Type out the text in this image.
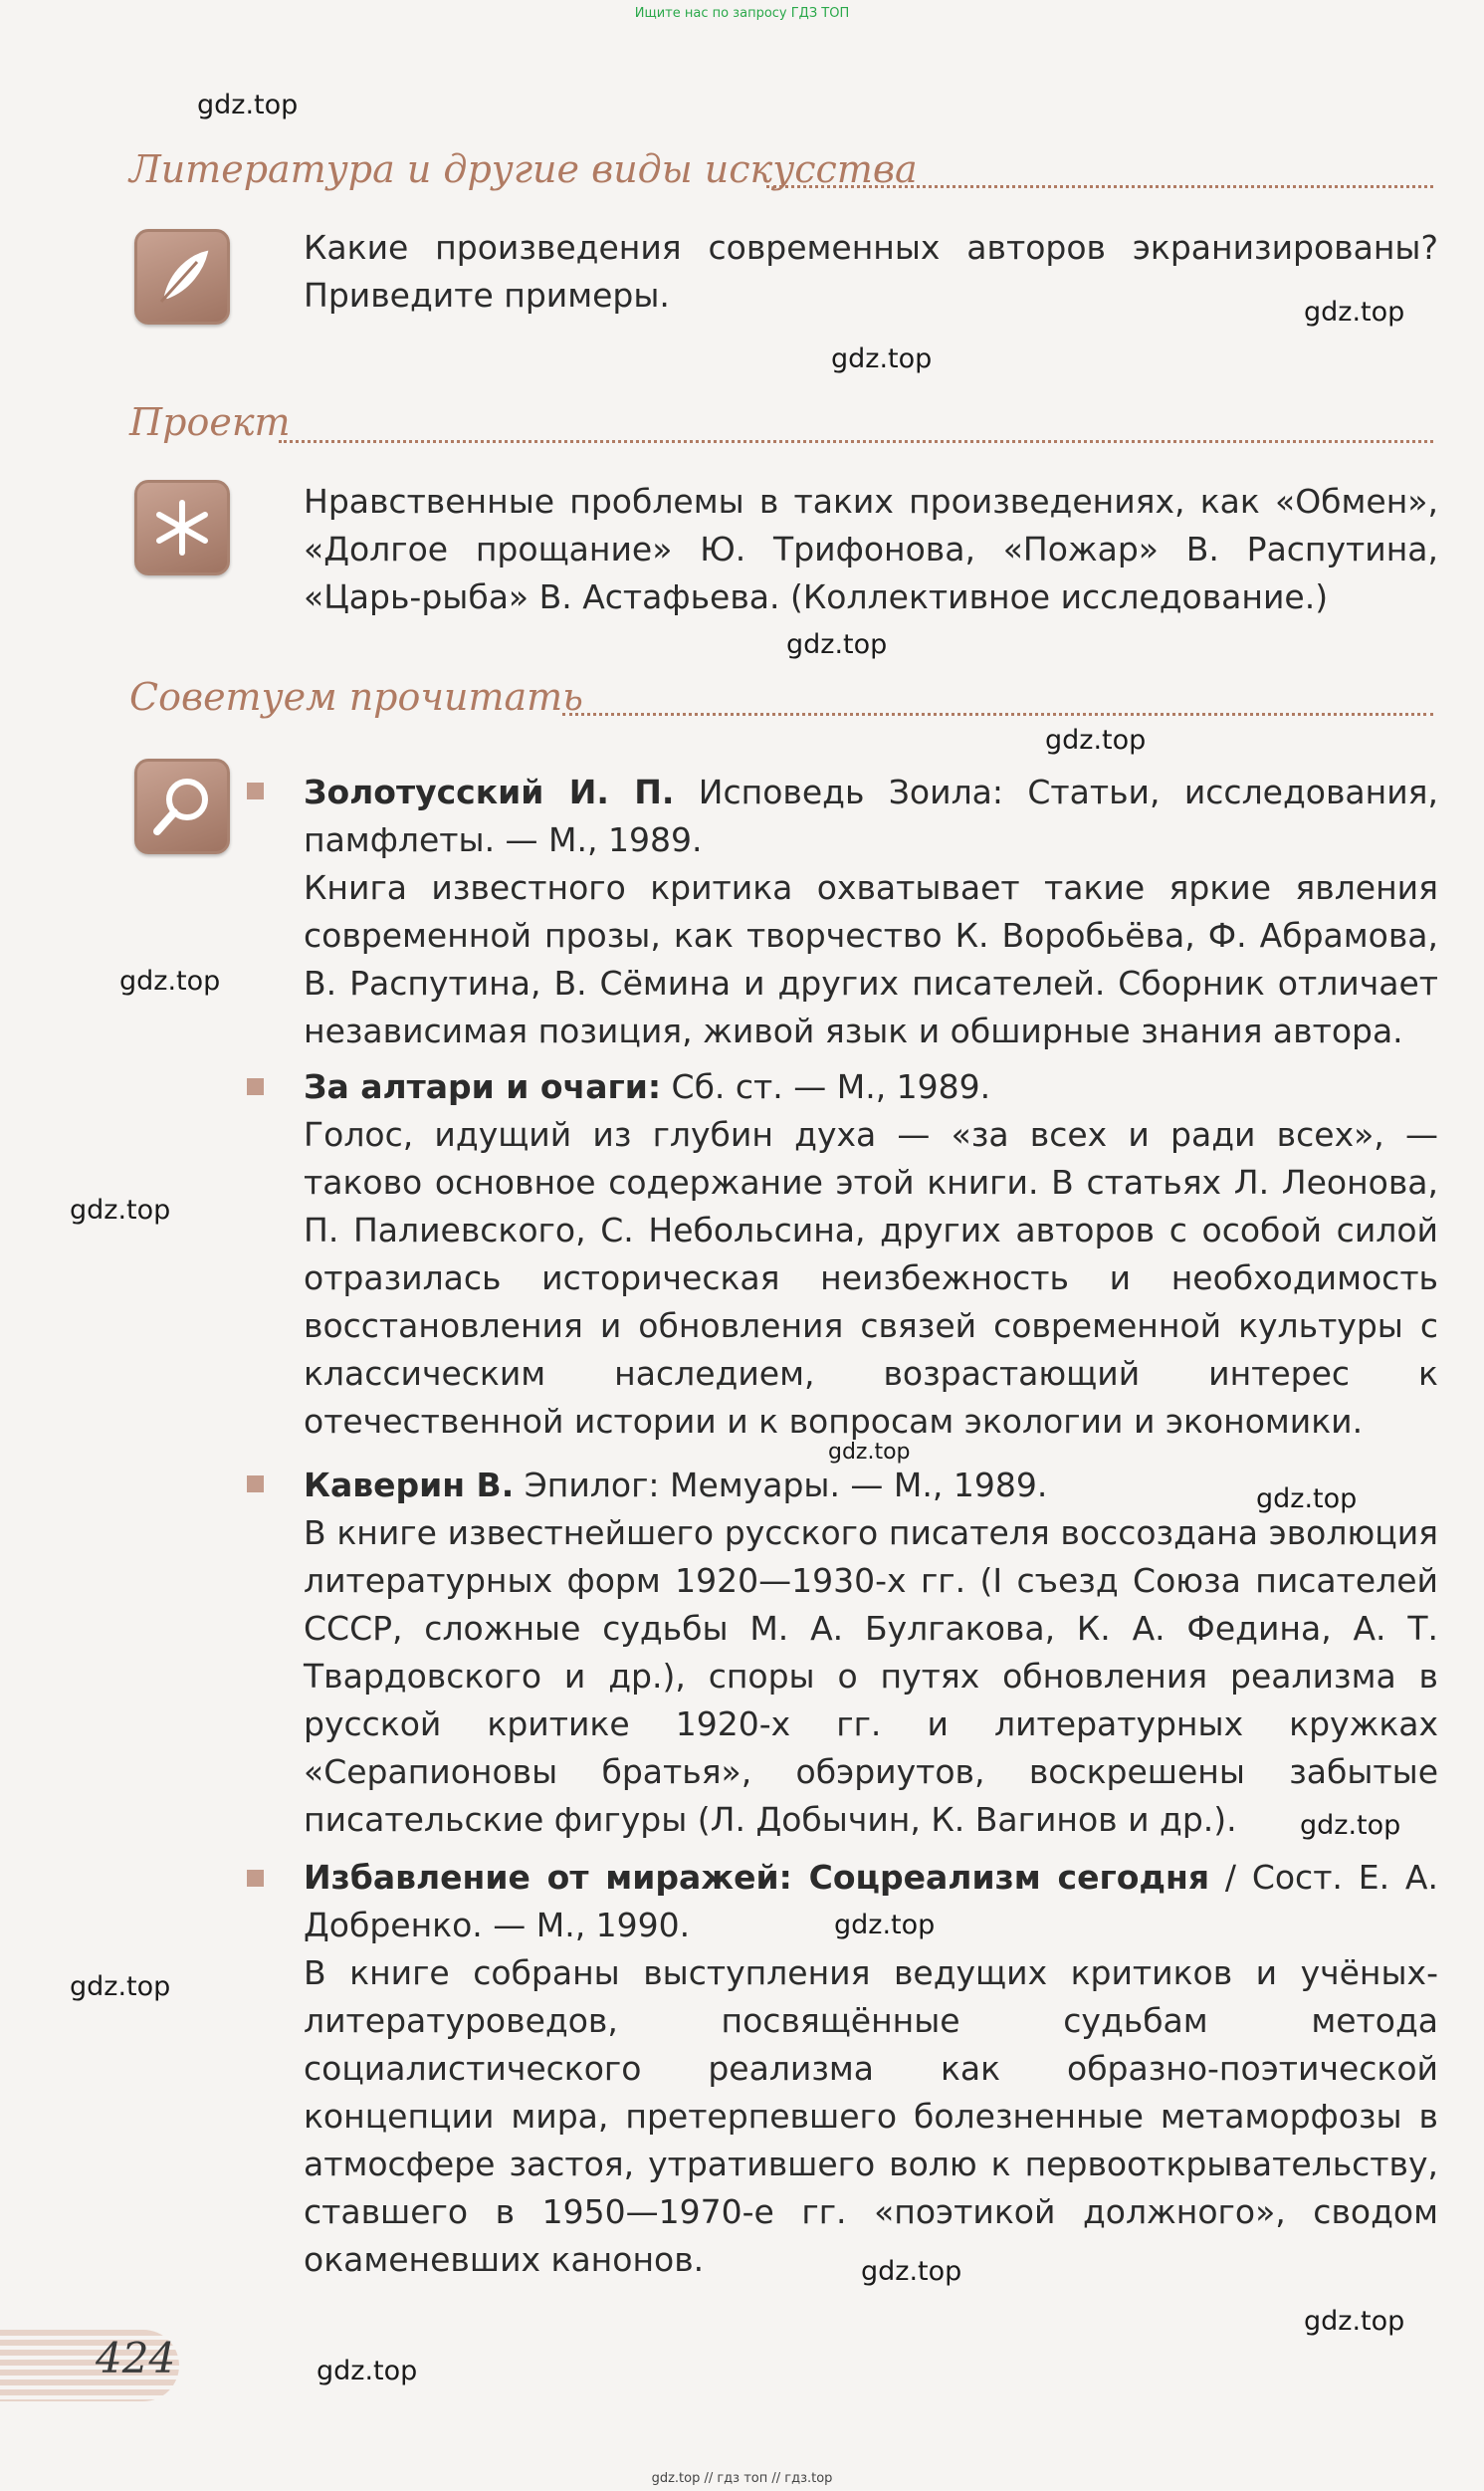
Ищите нас по запросу ГДЗ ТОП
Литература и другие виды искусства

Какие произведения современных авторов экранизированы? Приведите примеры.

Проект

Нравственные проблемы в таких произведениях, как «Обмен», «Долгое прощание» Ю. Трифонова, «Пожар» В. Распутина, «Царь-рыба» В. Астафьева. (Коллективное исследование.)

Советуем прочитать

Золотусский И. П. Исповедь Зоила: Статьи, исследования, памфлеты. — М., 1989.

Книга известного критика охватывает такие яркие явления современной прозы, как творчество К. Воробьёва, Ф. Абрамова, В. Распутина, В. Сёмина и других писателей. Сборник отличает независимая позиция, живой язык и обширные знания автора.

За алтари и очаги: Сб. ст. — М., 1989.

Голос, идущий из глубин духа — «за всех и ради всех», — таково основное содержание этой книги. В статьях Л. Леонова, П. Палиевского, С. Небольсина, других авторов с особой силой отразилась историческая неизбежность и необходимость восстановления и обновления связей современной культуры с классическим наследием, возрастающий интерес к отечественной истории и к вопросам экологии и экономики.

Каверин В. Эпилог: Мемуары. — М., 1989.

В книге известнейшего русского писателя воссоздана эволюция литературных форм 1920—1930-х гг. (I съезд Союза писателей СССР, сложные судьбы М. А. Булгакова, К. А. Федина, А. Т. Твардовского и др.), споры о путях обновления реализма в русской критике 1920-х гг. и литературных кружках «Серапионовы братья», обэриутов, воскрешены забытые писательские фигуры (Л. Добычин, К. Вагинов и др.).

Избавление от миражей: Соцреализм сегодня / Сост. Е. А. Добренко. — М., 1990.

В книге собраны выступления ведущих критиков и учёных-литературоведов, посвящённые судьбам метода социалистического реализма как образно-поэтической концепции мира, претерпевшего болезненные метаморфозы в атмосфере застоя, утратившего волю к первооткрывательству, ставшего в 1950—1970-е гг. «поэтикой должного», сводом окаменевших канонов.

424
gdz.top
gdz.top
gdz.top
gdz.top
gdz.top
gdz.top
gdz.top
gdz.top
gdz.top
gdz.top
gdz.top
gdz.top
gdz.top
gdz.top
gdz.top
gdz.top // гдз топ // гдз.top
